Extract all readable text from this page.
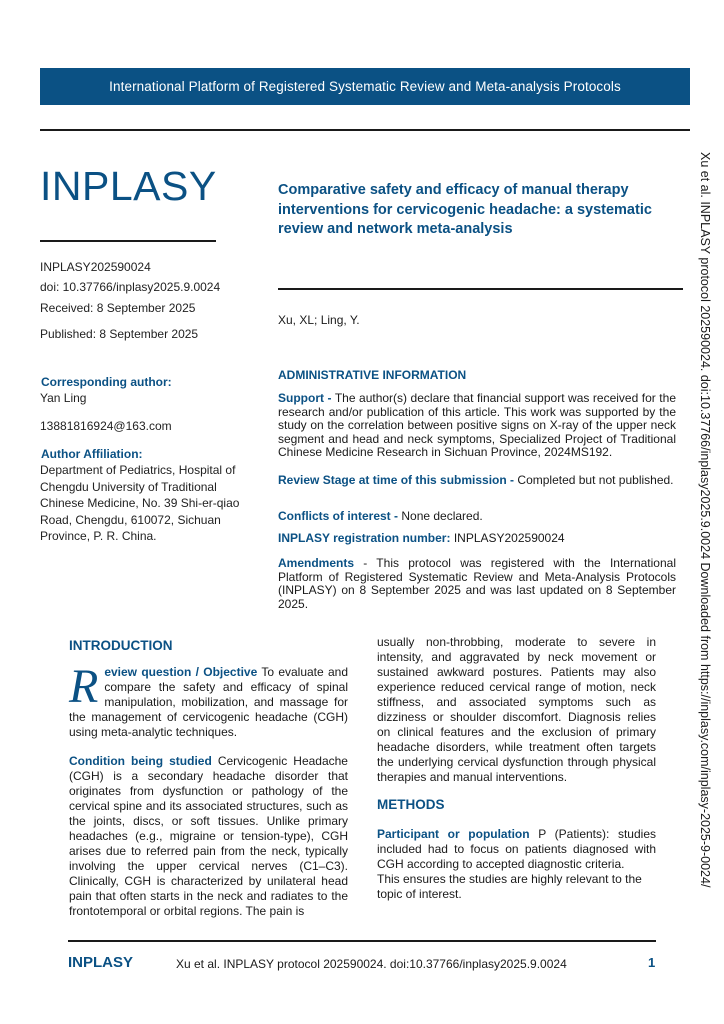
International Platform of Registered Systematic Review and Meta-analysis Protocols
INPLASY
INPLASY202590024
doi: 10.37766/inplasy2025.9.0024
Received: 8 September 2025
Published: 8 September 2025
Corresponding author:
Yan Ling
13881816924@163.com
Author Affiliation:
Department of Pediatrics, Hospital of Chengdu University of Traditional Chinese Medicine, No. 39 Shi-er-qiao Road, Chengdu, 610072, Sichuan Province, P. R. China.
Comparative safety and efficacy of manual therapy interventions for cervicogenic headache: a systematic review and network meta-analysis
Xu, XL; Ling, Y.
ADMINISTRATIVE INFORMATION
Support - The author(s) declare that financial support was received for the research and/or publication of this article. This work was supported by the study on the correlation between positive signs on X-ray of the upper neck segment and head and neck symptoms, Specialized Project of Traditional Chinese Medicine Research in Sichuan Province, 2024MS192.
Review Stage at time of this submission - Completed but not published.
Conflicts of interest - None declared.
INPLASY registration number: INPLASY202590024
Amendments - This protocol was registered with the International Platform of Registered Systematic Review and Meta-Analysis Protocols (INPLASY) on 8 September 2025 and was last updated on 8 September 2025.
INTRODUCTION
Review question / Objective To evaluate and compare the safety and efficacy of spinal manipulation, mobilization, and massage for the management of cervicogenic headache (CGH) using meta-analytic techniques.
Condition being studied Cervicogenic Headache (CGH) is a secondary headache disorder that originates from dysfunction or pathology of the cervical spine and its associated structures, such as the joints, discs, or soft tissues. Unlike primary headaches (e.g., migraine or tension-type), CGH arises due to referred pain from the neck, typically involving the upper cervical nerves (C1–C3). Clinically, CGH is characterized by unilateral head pain that often starts in the neck and radiates to the frontotemporal or orbital regions. The pain is
usually non-throbbing, moderate to severe in intensity, and aggravated by neck movement or sustained awkward postures. Patients may also experience reduced cervical range of motion, neck stiffness, and associated symptoms such as dizziness or shoulder discomfort. Diagnosis relies on clinical features and the exclusion of primary headache disorders, while treatment often targets the underlying cervical dysfunction through physical therapies and manual interventions.
METHODS
Participant or population P (Patients): studies included had to focus on patients diagnosed with CGH according to accepted diagnostic criteria.
This ensures the studies are highly relevant to the topic of interest.
Xu et al. INPLASY protocol 202590024. doi:10.37766/inplasy2025.9.0024 Downloaded from https://inplasy.com/inplasy-2025-9-0024/
INPLASY	Xu et al. INPLASY protocol 202590024. doi:10.37766/inplasy2025.9.0024	1
